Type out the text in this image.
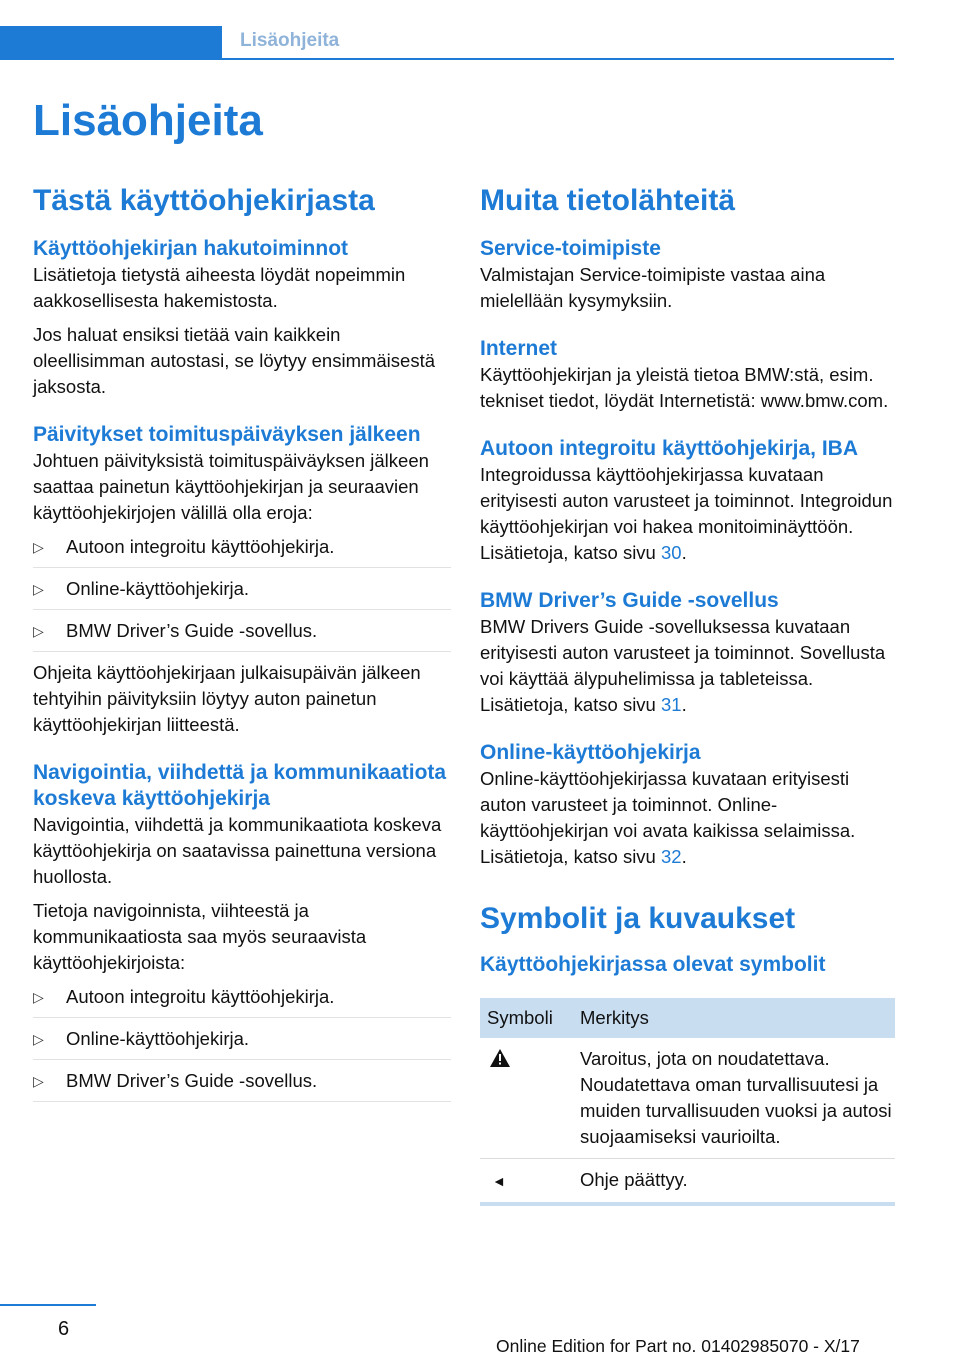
Lisäohjeita
Lisäohjeita
Tästä käyttöohjekirjasta
Käyttöohjekirjan hakutoiminnot

Lisätietoja tietystä aiheesta löydät nopeimmin aakkosellisesta hakemistosta.

Jos haluat ensiksi tietää vain kaikkein oleellisimman autostasi, se löytyy ensimmäisestä jaksosta.

Päivitykset toimituspäiväyksen jälkeen

Johtuen päivityksistä toimituspäiväyksen jälkeen saattaa painetun käyttöohjekirjan ja seuraavien käyttöohjekirjojen välillä olla eroja:

▷ Autoon integroitu käyttöohjekirja.
▷ Online-käyttöohjekirja.
▷ BMW Driver’s Guide -sovellus.

Ohjeita käyttöohjekirjaan julkaisupäivän jälkeen tehtyihin päivityksiin löytyy auton painetun käyttöohjekirjan liitteestä.

Navigointia, viihdettä ja kommunikaatiota koskeva käyttöohjekirja

Navigointia, viihdettä ja kommunikaatiota koskeva käyttöohjekirja on saatavissa painettuna versiona huollosta.

Tietoja navigoinnista, viihteestä ja kommunikaatiosta saa myös seuraavista käyttöohjekirjoista:

▷ Autoon integroitu käyttöohjekirja.
▷ Online-käyttöohjekirja.
▷ BMW Driver’s Guide -sovellus.
Muita tietolähteitä
Service-toimipiste

Valmistajan Service-toimipiste vastaa aina mielellään kysymyksiin.

Internet

Käyttöohjekirjan ja yleistä tietoa BMW:stä, esim. tekniset tiedot, löydät Internetistä: www.bmw.com.

Autoon integroitu käyttöohjekirja, IBA

Integroidussa käyttöohjekirjassa kuvataan erityisesti auton varusteet ja toiminnot. Integroidun käyttöohjekirjan voi hakea monitoiminäyttöön. Lisätietoja, katso sivu 30.

BMW Driver’s Guide -sovellus

BMW Drivers Guide -sovelluksessa kuvataan erityisesti auton varusteet ja toiminnot. Sovellusta voi käyttää älypuhelimissa ja tableteissa. Lisätietoja, katso sivu 31.

Online-käyttöohjekirja

Online-käyttöohjekirjassa kuvataan erityisesti auton varusteet ja toiminnot. Online-käyttöohjekirjan voi avata kaikissa selaimissa. Lisätietoja, katso sivu 32.

Symbolit ja kuvaukset
Käyttöohjekirjassa olevat symbolit
Symboli	Merkitys
	Varoitus, jota on noudatettava. Noudatettava oman turvallisuutesi ja muiden turvallisuuden vuoksi ja autosi suojaamiseksi vaurioilta.
◄	Ohje päättyy.
6
Online Edition for Part no. 01402985070 - X/17
